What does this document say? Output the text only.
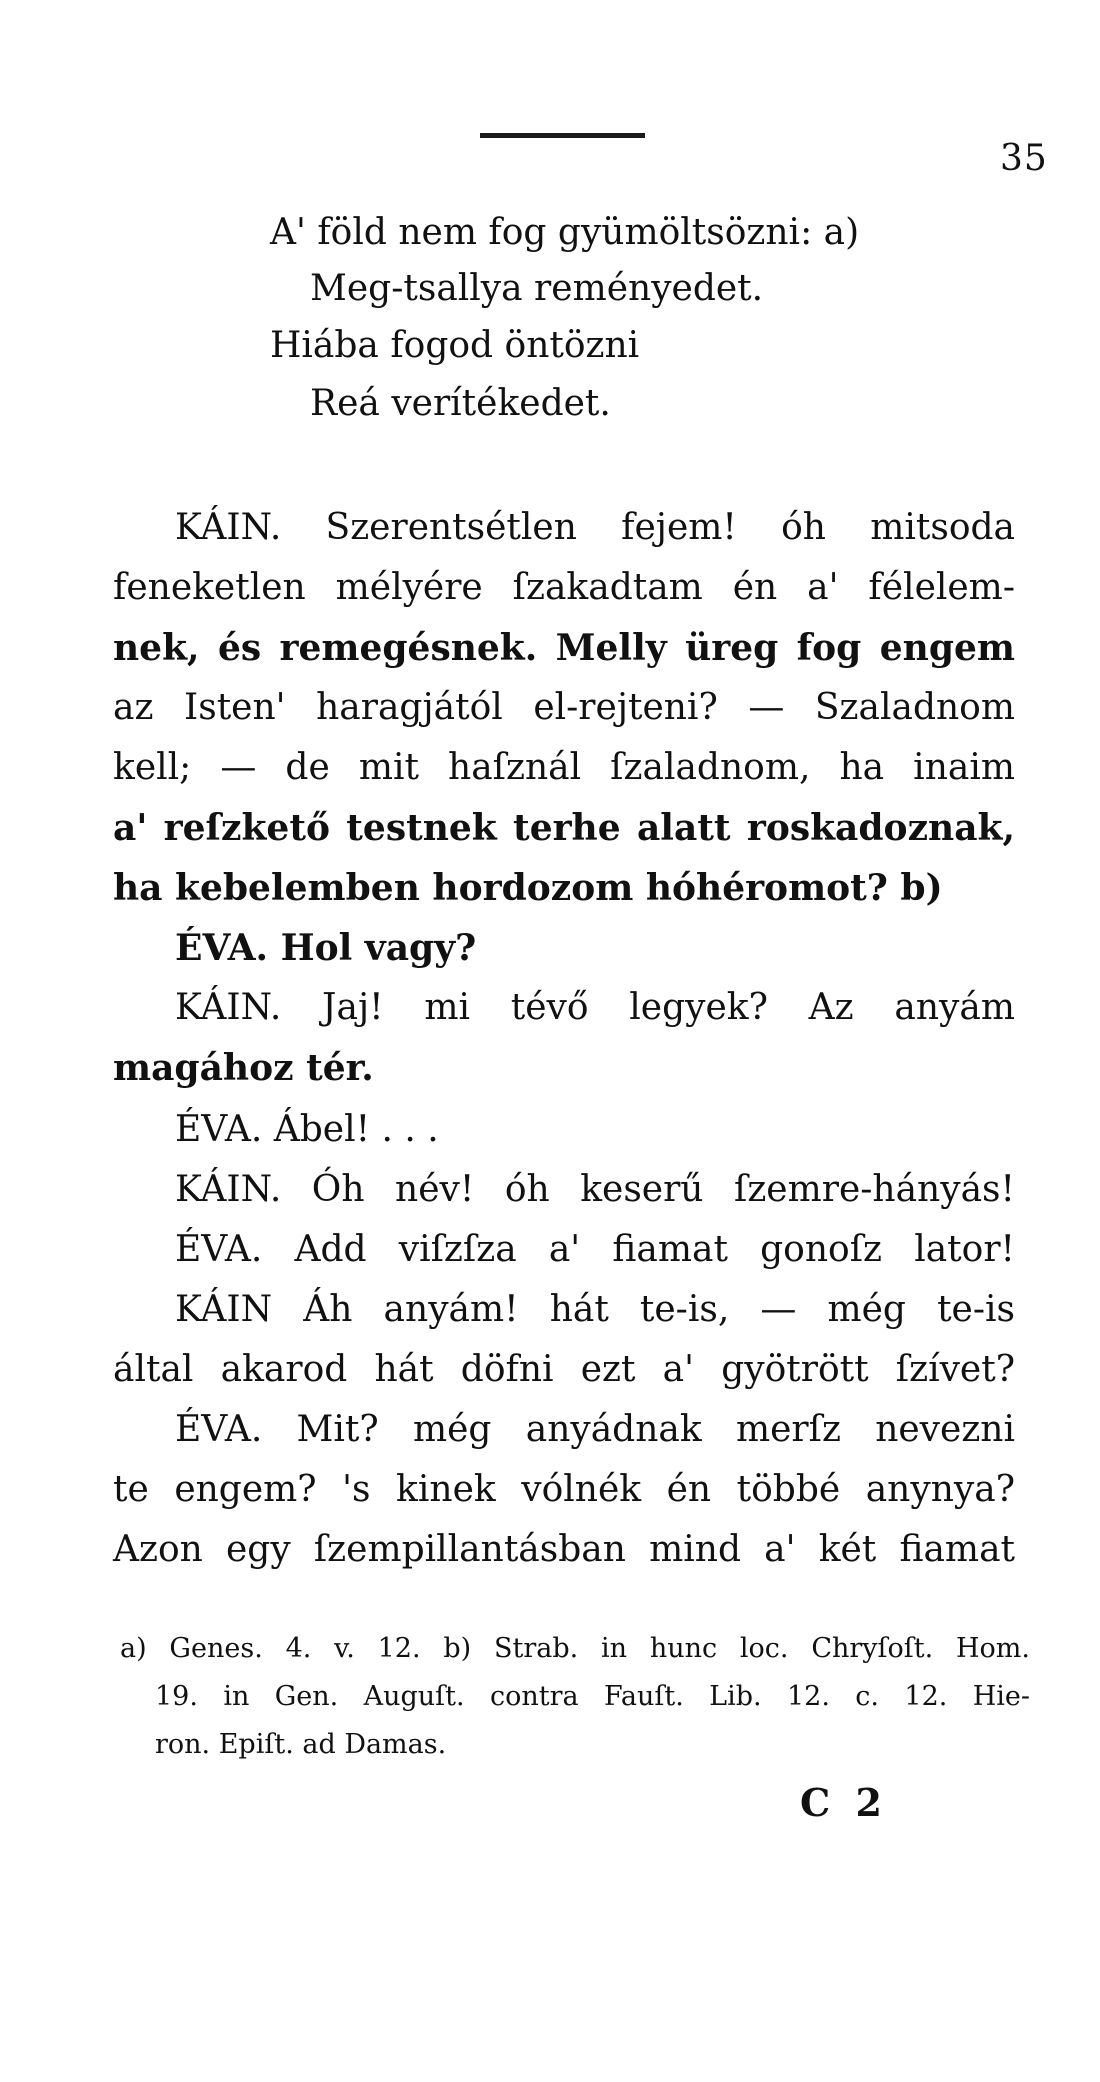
35
A' föld nem fog gyümöltsözni: a)
Meg-tsallya reményedet.
Hiába fogod öntözni
Reá verítékedet.
KÁIN. Szerentsétlen fejem! óh mitsoda
feneketlen mélyére ſzakadtam én a' félelem-
nek, és remegésnek. Melly üreg fog engem
az Isten' haragjától el-rejteni? — Szaladnom
kell; — de mit haſznál ſzaladnom, ha inaim
a' reſzkető testnek terhe alatt roskadoznak,
ha kebelemben hordozom hóhéromot? b)
ÉVA. Hol vagy?
KÁIN. Jaj! mi tévő legyek? Az anyám
magához tér.
ÉVA. Ábel! . . .
KÁIN. Óh név! óh keserű ſzemre-hányás!
ÉVA. Add viſzſza a' fiamat gonoſz lator!
KÁIN Áh anyám! hát te-is, — még te-is
által akarod hát döfni ezt a' gyötrött ſzívet?
ÉVA. Mit? még anyádnak merſz nevezni
te engem? 's kinek vólnék én többé anynya?
Azon egy ſzempillantásban mind a' két fiamat
a) Genes. 4. v. 12. b) Strab. in hunc loc. Chryſoſt. Hom.
19. in Gen. Auguſt. contra Fauſt. Lib. 12. c. 12. Hie-
ron. Epiſt. ad Damas.
C 2
